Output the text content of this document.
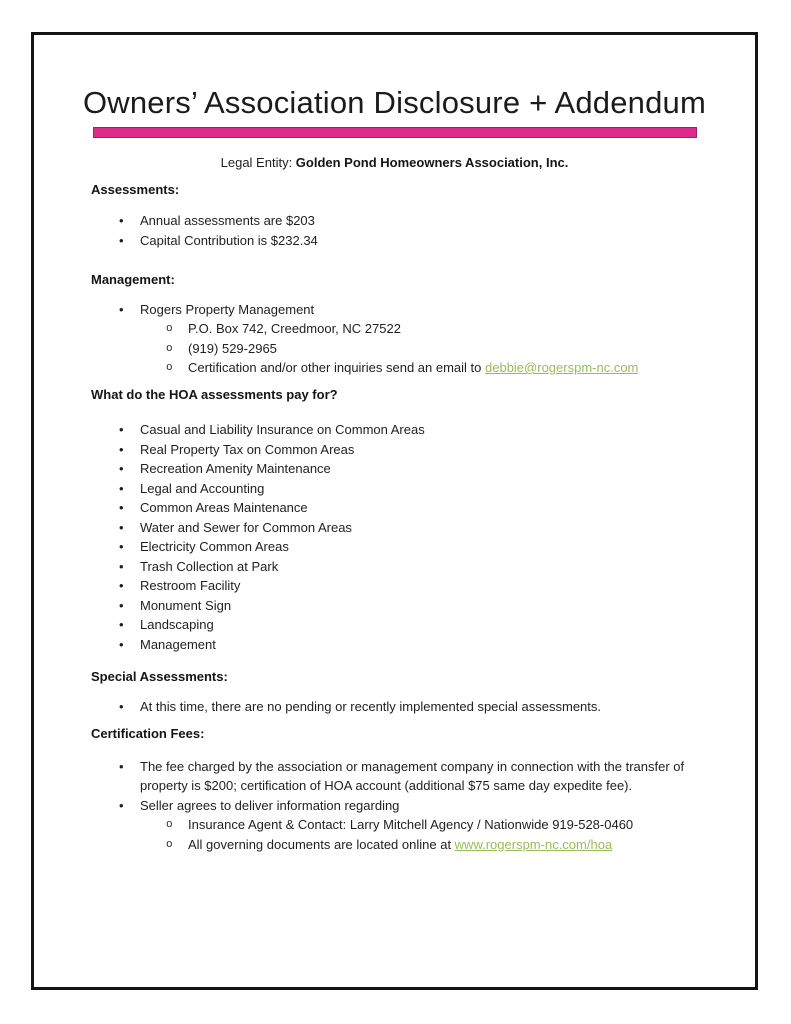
Owners’ Association Disclosure + Addendum

Legal Entity: Golden Pond Homeowners Association, Inc.

Assessments:

• Annual assessments are $203
• Capital Contribution is $232.34

Management:

• Rogers Property Management
o P.O. Box 742, Creedmoor, NC 27522
o (919) 529-2965
o Certification and/or other inquiries send an email to debbie@rogerspm-nc.com

What do the HOA assessments pay for?

• Casual and Liability Insurance on Common Areas
• Real Property Tax on Common Areas
• Recreation Amenity Maintenance
• Legal and Accounting
• Common Areas Maintenance
• Water and Sewer for Common Areas
• Electricity Common Areas
• Trash Collection at Park
• Restroom Facility
• Monument Sign
• Landscaping
• Management

Special Assessments:

• At this time, there are no pending or recently implemented special assessments.

Certification Fees:

• The fee charged by the association or management company in connection with the transfer of property is $200; certification of HOA account (additional $75 same day expedite fee).
• Seller agrees to deliver information regarding
o Insurance Agent & Contact: Larry Mitchell Agency / Nationwide 919-528-0460
o All governing documents are located online at www.rogerspm-nc.com/hoa
